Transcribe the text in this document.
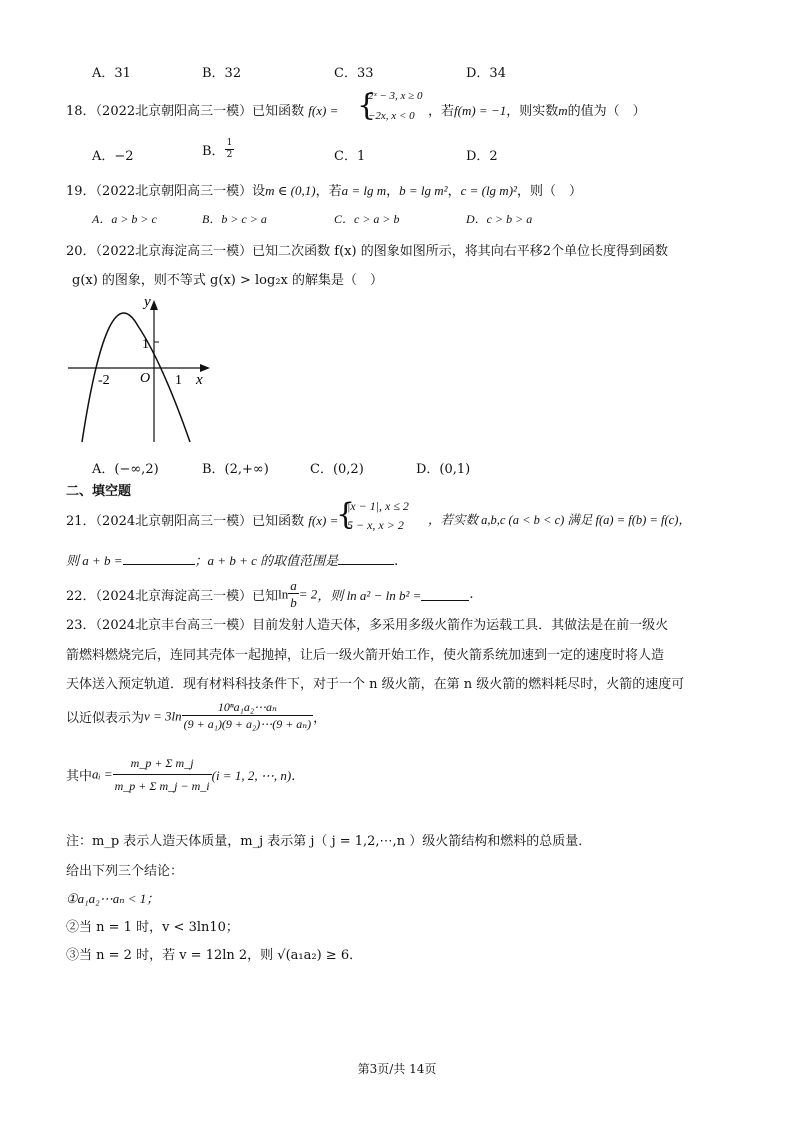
A．31	B．32	C．33	D．34
18．（2022北京朝阳高三一模）已知函数 f(x) = {
2ˣ − 3, x ≥ 0
−2x, x < 0 ，若f(m) = −1，则实数m的值为（　）
A．−2	B． $\frac{1}{2}$	C．1	D．2
19．（2022北京朝阳高三一模）设m ∈ (0,1)，若a = lg m，b = lg m²，c = (lg m)²，则（　）
A．a > b > c	B．b > c > a	C．c > a > b	D．c > b > a
20．（2022北京海淀高三一模）已知二次函数 f(x) 的图象如图所示，将其向右平移2个单位长度得到函数
g(x) 的图象，则不等式 g(x) > log₂x 的解集是（　）
y
x
1
-2 O 1
A．(−∞,2)	B．(2,+∞)	C．(0,2)	D．(0,1)
二、填空题
21．（2024北京朝阳高三一模）已知函数 f(x) =
{
|x − 1|, x ≤ 2
5 − x, x > 2 ，若实数 a,b,c (a < b < c) 满足 f(a) = f(b) = f(c)，
则 a + b =	；a + b + c 的取值范围是	.
22．（2024北京海淀高三一模）已知$\ln \frac{a}{b} = 2$，则 ln a² − ln b² =	.
23．（2024北京丰台高三一模）目前发射人造天体，多采用多级火箭作为运载工具．其做法是在前一级火
箭燃料燃烧完后，连同其壳体一起抛掉，让后一级火箭开始工作，使火箭系统加速到一定的速度时将人造
天体送入预定轨道．现有材料科技条件下，对于一个 n 级火箭，在第 n 级火箭的燃料耗尽时，火箭的速度可
以近似表示为$v = 3\ln \frac{\text{10ⁿa₁a₂⋯aₙ}}{\text{(9 + a₁)(9 + a₂)⋯(9 + aₙ)}}$ ，
其中aᵢ = $\frac{\text{m\_p + Σ m\_j}}{\text{m\_p + Σ m\_j − m\_i}} (i = 1$, 2, ⋯, n)．
注：m_p 表示人造天体质量，m_j 表示第 j（ j = 1,2,⋯,n ）级火箭结构和燃料的总质量．
给出下列三个结论：
①a₁a₂⋯aₙ < 1；
②当 n = 1 时，v < 3ln10；
③当 n = 2 时，若 v = 12ln 2，则 √(a₁a₂) ≥ 6．
第3页/共 14页
